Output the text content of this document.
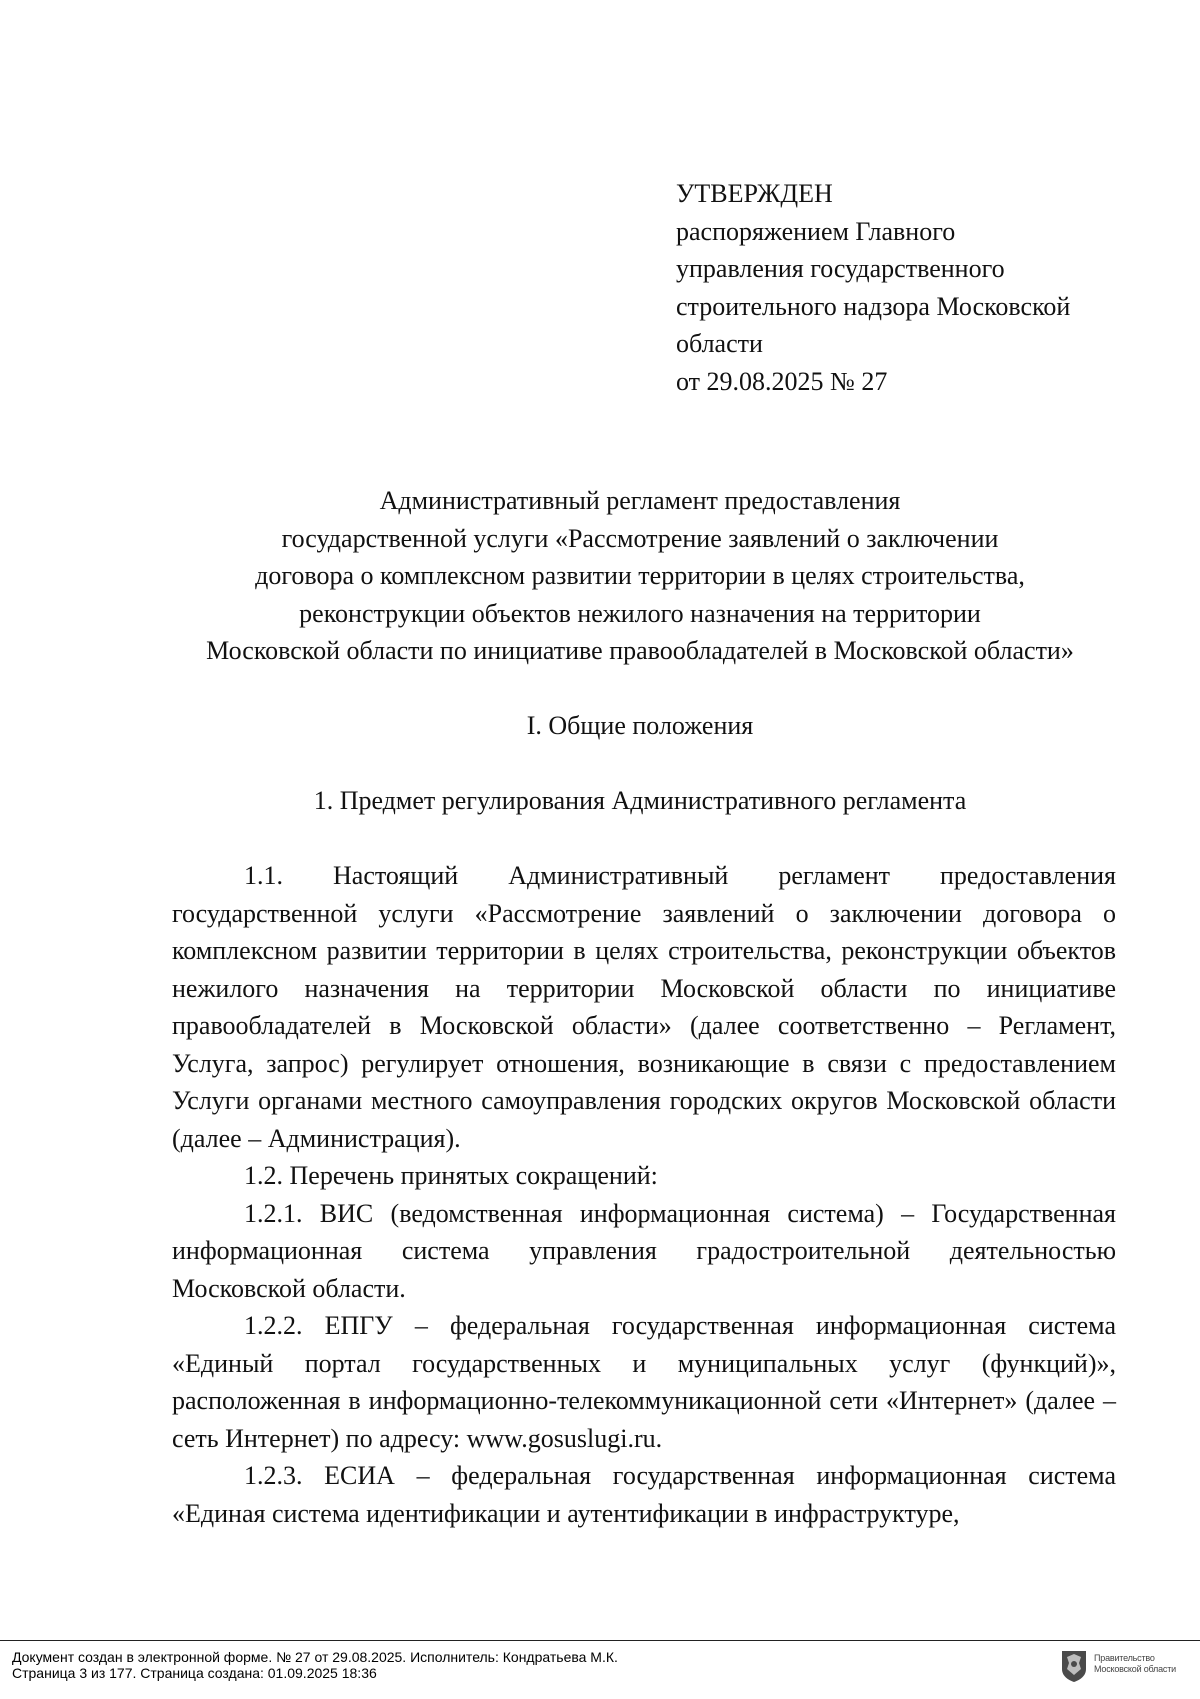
УТВЕРЖДЕН
распоряжением Главного
управления государственного
строительного надзора Московской
области
от 29.08.2025 № 27
Административный регламент предоставления
государственной услуги «Рассмотрение заявлений о заключении
договора о комплексном развитии территории в целях строительства,
реконструкции объектов нежилого назначения на территории
Московской области по инициативе правообладателей в Московской области»
I. Общие положения
1. Предмет регулирования Административного регламента

1.1. Настоящий Административный регламент предоставления государственной услуги «Рассмотрение заявлений о заключении договора о комплексном развитии территории в целях строительства, реконструкции объектов нежилого назначения на территории Московской области по инициативе правообладателей в Московской области» (далее соответственно – Регламент, Услуга, запрос) регулирует отношения, возникающие в связи с предоставлением Услуги органами местного самоуправления городских округов Московской области (далее – Администрация).

1.2. Перечень принятых сокращений:

1.2.1. ВИС (ведомственная информационная система) – Государственная информационная система управления градостроительной деятельностью Московской области.

1.2.2. ЕПГУ – федеральная государственная информационная система «Единый портал государственных и муниципальных услуг (функций)», расположенная в информационно-телекоммуникационной сети «Интернет» (далее – сеть Интернет) по адресу: www.gosuslugi.ru.

1.2.3. ЕСИА – федеральная государственная информационная система «Единая система идентификации и аутентификации в инфраструктуре,

Документ создан в электронной форме. № 27 от 29.08.2025. Исполнитель: Кондратьева М.К.
Страница 3 из 177. Страница создана: 01.09.2025 18:36
Правительство
Московской области
